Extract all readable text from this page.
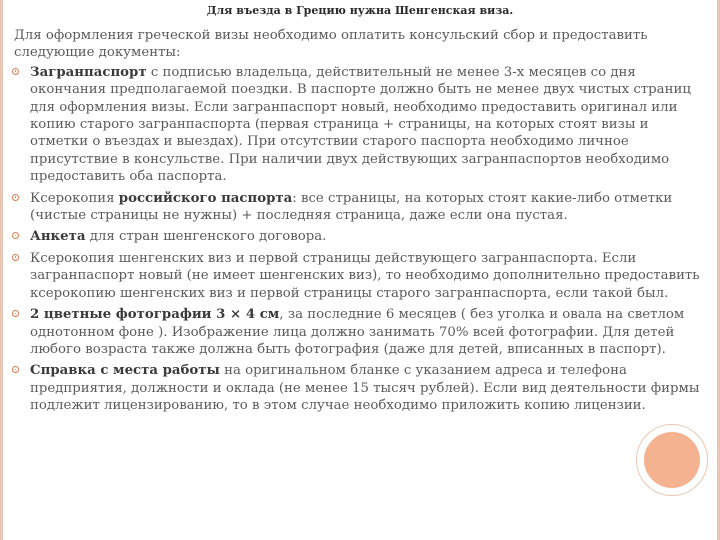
Для въезда в Грецию нужна Шенгенская виза.

Для оформления греческой визы необходимо оплатить консульский сбор и предоставить следующие документы:

Загранпаспорт с подписью владельца, действительный не менее 3-х месяцев со дня окончания предполагаемой поездки. В паспорте должно быть не менее двух чистых страниц для оформления визы. Если загранпаспорт новый, необходимо предоставить оригинал или копию старого загранпаспорта (первая страница + страницы, на которых стоят визы и отметки о въездах и выездах). При отсутствии старого паспорта необходимо личное присутствие в консульстве. При наличии двух действующих загранпаспортов необходимо предоставить оба паспорта.
Ксерокопия российского паспорта: все страницы, на которых стоят какие-либо отметки (чистые страницы не нужны) + последняя страница, даже если она пустая.
Анкета для стран шенгенского договора.
Ксерокопия шенгенских виз и первой страницы действующего загранпаспорта. Если загранпаспорт новый (не имеет шенгенских виз), то необходимо дополнительно предоставить ксерокопию шенгенских виз и первой страницы старого загранпаспорта, если такой был.
2 цветные фотографии 3 × 4 см, за последние 6 месяцев ( без уголка и овала на светлом однотонном фоне ). Изображение лица должно занимать 70% всей фотографии. Для детей любого возраста также должна быть фотография (даже для детей, вписанных в паспорт).
Справка с места работы на оригинальном бланке с указанием адреса и телефона предприятия, должности и оклада (не менее 15 тысяч рублей). Если вид деятельности фирмы подлежит лицензированию, то в этом случае необходимо приложить копию лицензии.
